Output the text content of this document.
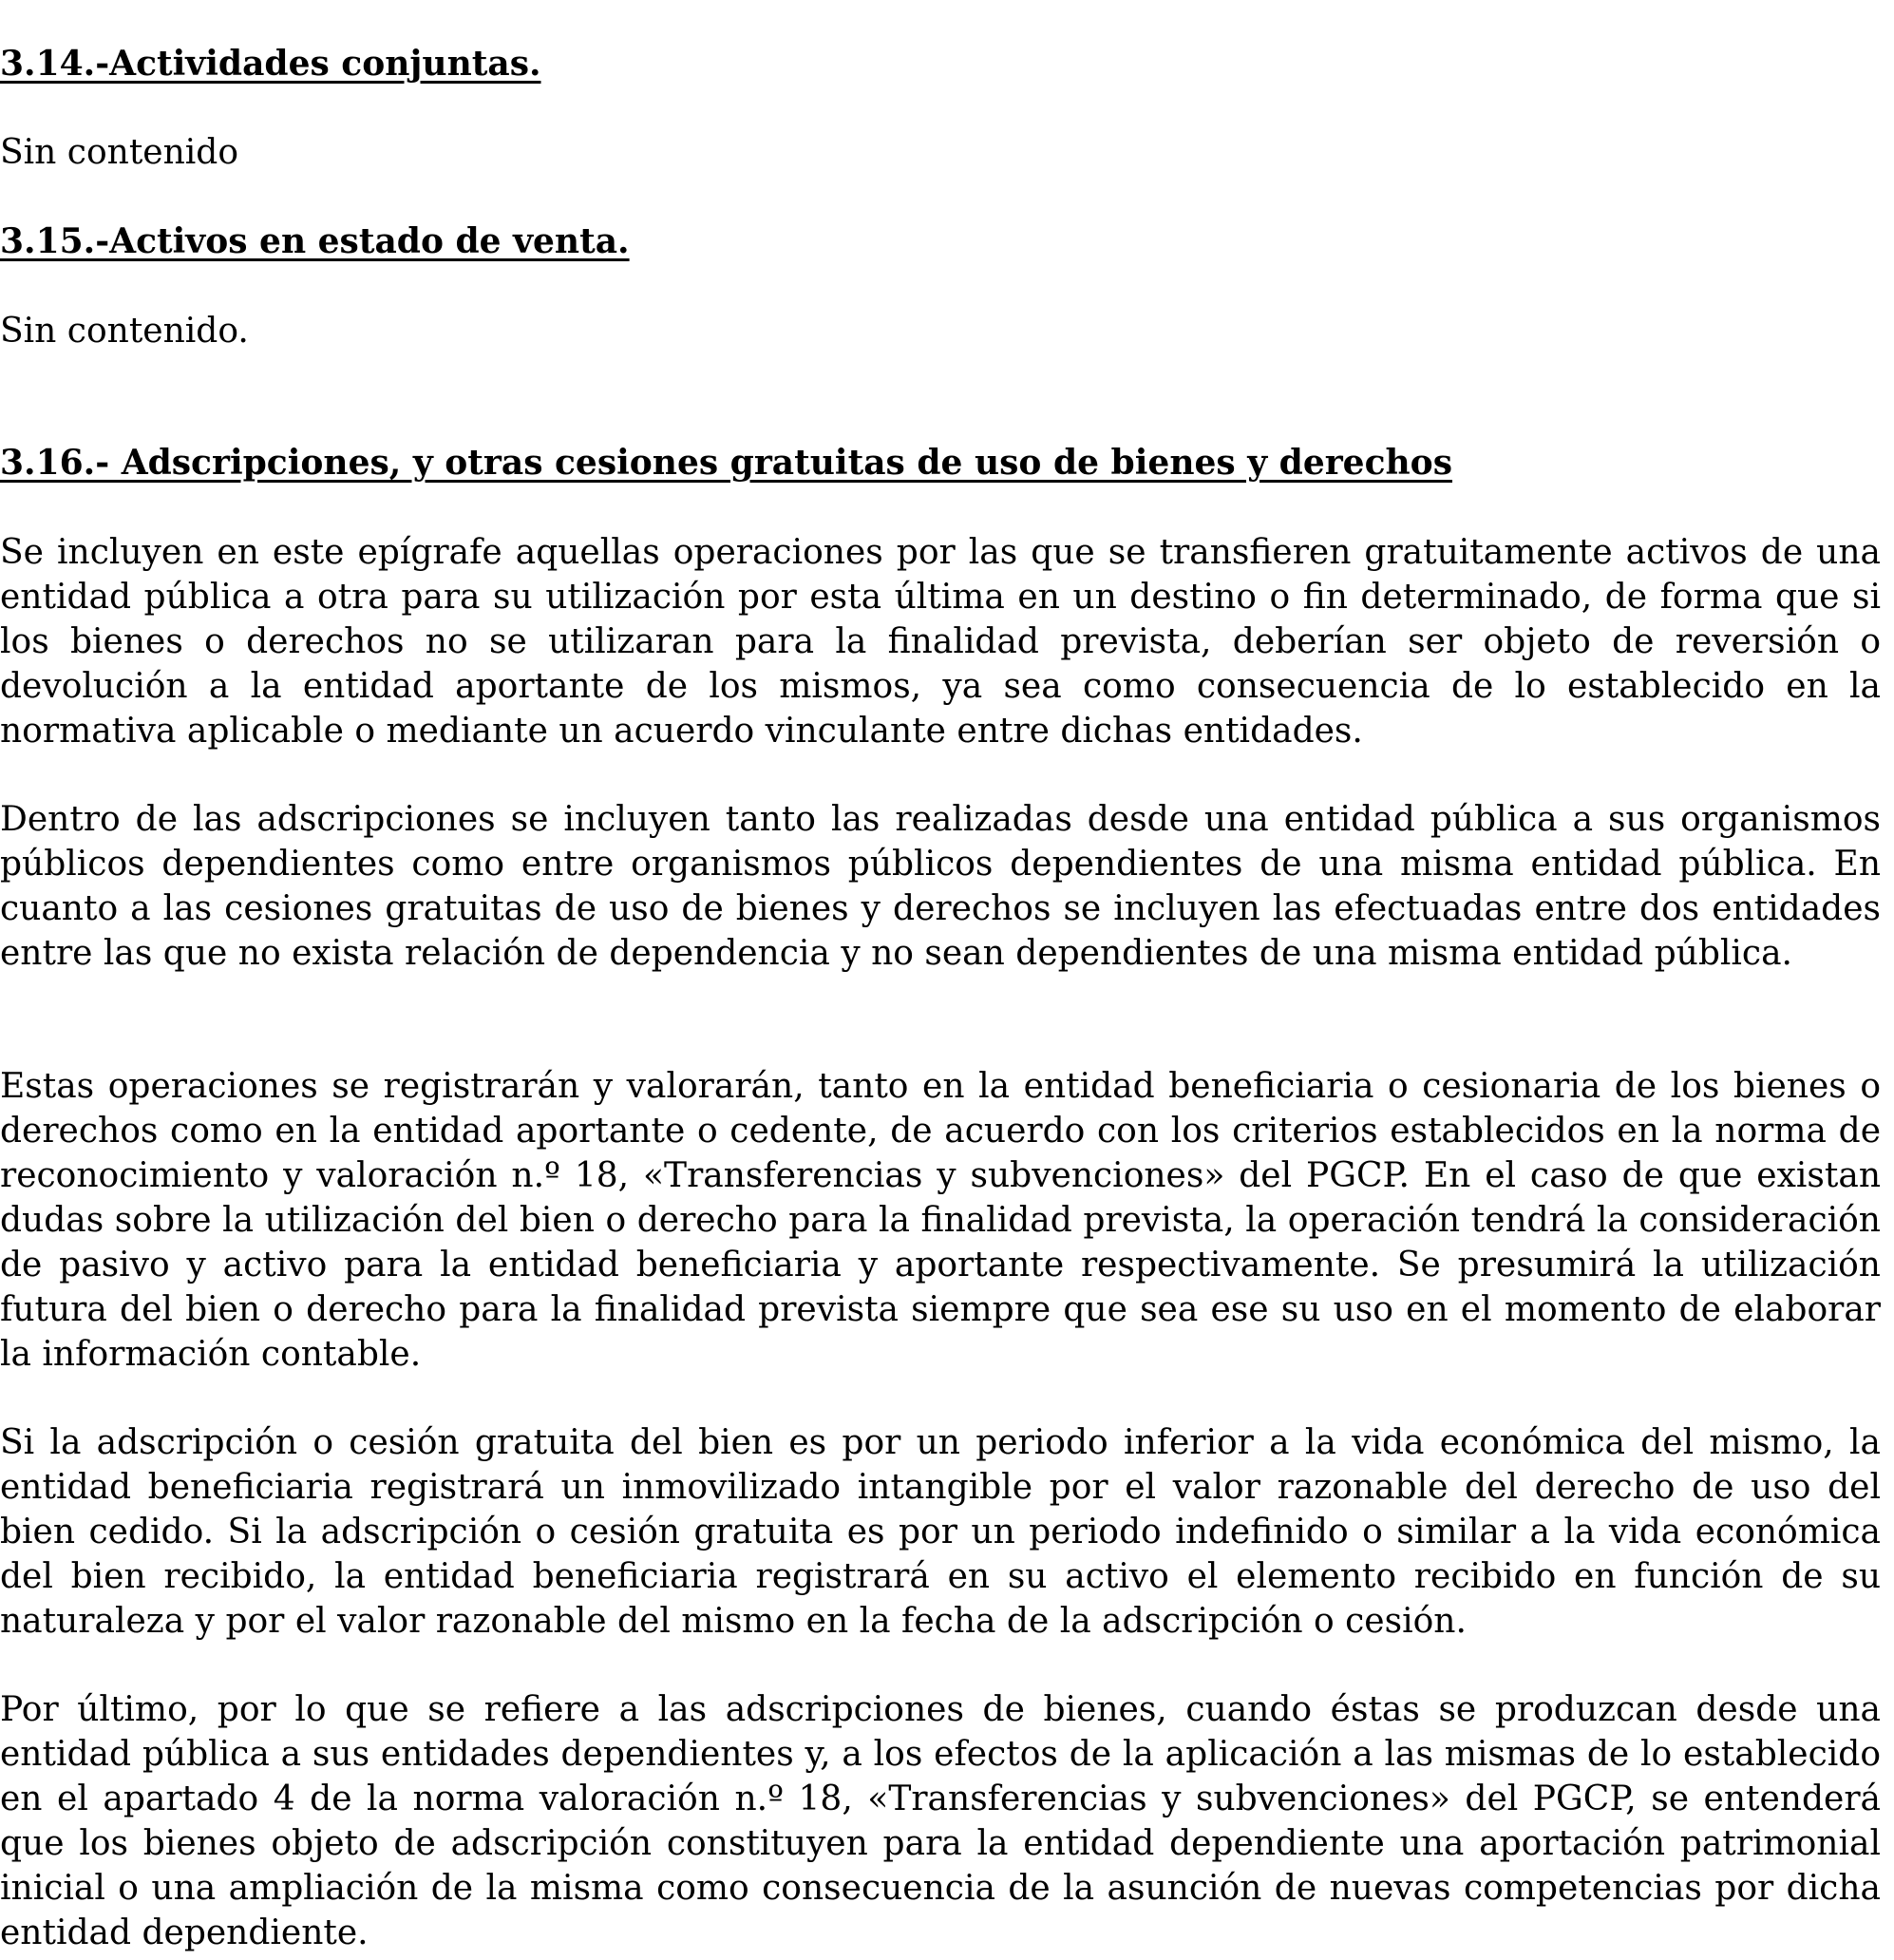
3.14.-Actividades conjuntas.

Sin contenido

3.15.-Activos en estado de venta.

Sin contenido.

3.16.- Adscripciones, y otras cesiones gratuitas de uso de bienes y derechos

Se incluyen en este epígrafe aquellas operaciones por las que se transfieren gratuitamente activos de una entidad pública a otra para su utilización por esta última en un destino o fin determinado, de forma que si los bienes o derechos no se utilizaran para la finalidad prevista, deberían ser objeto de reversión o devolución a la entidad aportante de los mismos, ya sea como consecuencia de lo establecido en la normativa aplicable o mediante un acuerdo vinculante entre dichas entidades.

Dentro de las adscripciones se incluyen tanto las realizadas desde una entidad pública a sus organismos públicos dependientes como entre organismos públicos dependientes de una misma entidad pública. En cuanto a las cesiones gratuitas de uso de bienes y derechos se incluyen las efectuadas entre dos entidades entre las que no exista relación de dependencia y no sean dependientes de una misma entidad pública.

Estas operaciones se registrarán y valorarán, tanto en la entidad beneficiaria o cesionaria de los bienes o derechos como en la entidad aportante o cedente, de acuerdo con los criterios establecidos en la norma de reconocimiento y valoración n.º 18, «Transferencias y subvenciones» del PGCP. En el caso de que existan dudas sobre la utilización del bien o derecho para la finalidad prevista, la operación tendrá la consideración de pasivo y activo para la entidad beneficiaria y aportante respectivamente. Se presumirá la utilización futura del bien o derecho para la finalidad prevista siempre que sea ese su uso en el momento de elaborar la información contable.

Si la adscripción o cesión gratuita del bien es por un periodo inferior a la vida económica del mismo, la entidad beneficiaria registrará un inmovilizado intangible por el valor razonable del derecho de uso del bien cedido. Si la adscripción o cesión gratuita es por un periodo indefinido o similar a la vida económica del bien recibido, la entidad beneficiaria registrará en su activo el elemento recibido en función de su naturaleza y por el valor razonable del mismo en la fecha de la adscripción o cesión.

Por último, por lo que se refiere a las adscripciones de bienes, cuando éstas se produzcan desde una entidad pública a sus entidades dependientes y, a los efectos de la aplicación a las mismas de lo establecido en el apartado 4 de la norma valoración n.º 18, «Transferencias y subvenciones» del PGCP, se entenderá que los bienes objeto de adscripción constituyen para la entidad dependiente una aportación patrimonial inicial o una ampliación de la misma como consecuencia de la asunción de nuevas competencias por dicha entidad dependiente.
